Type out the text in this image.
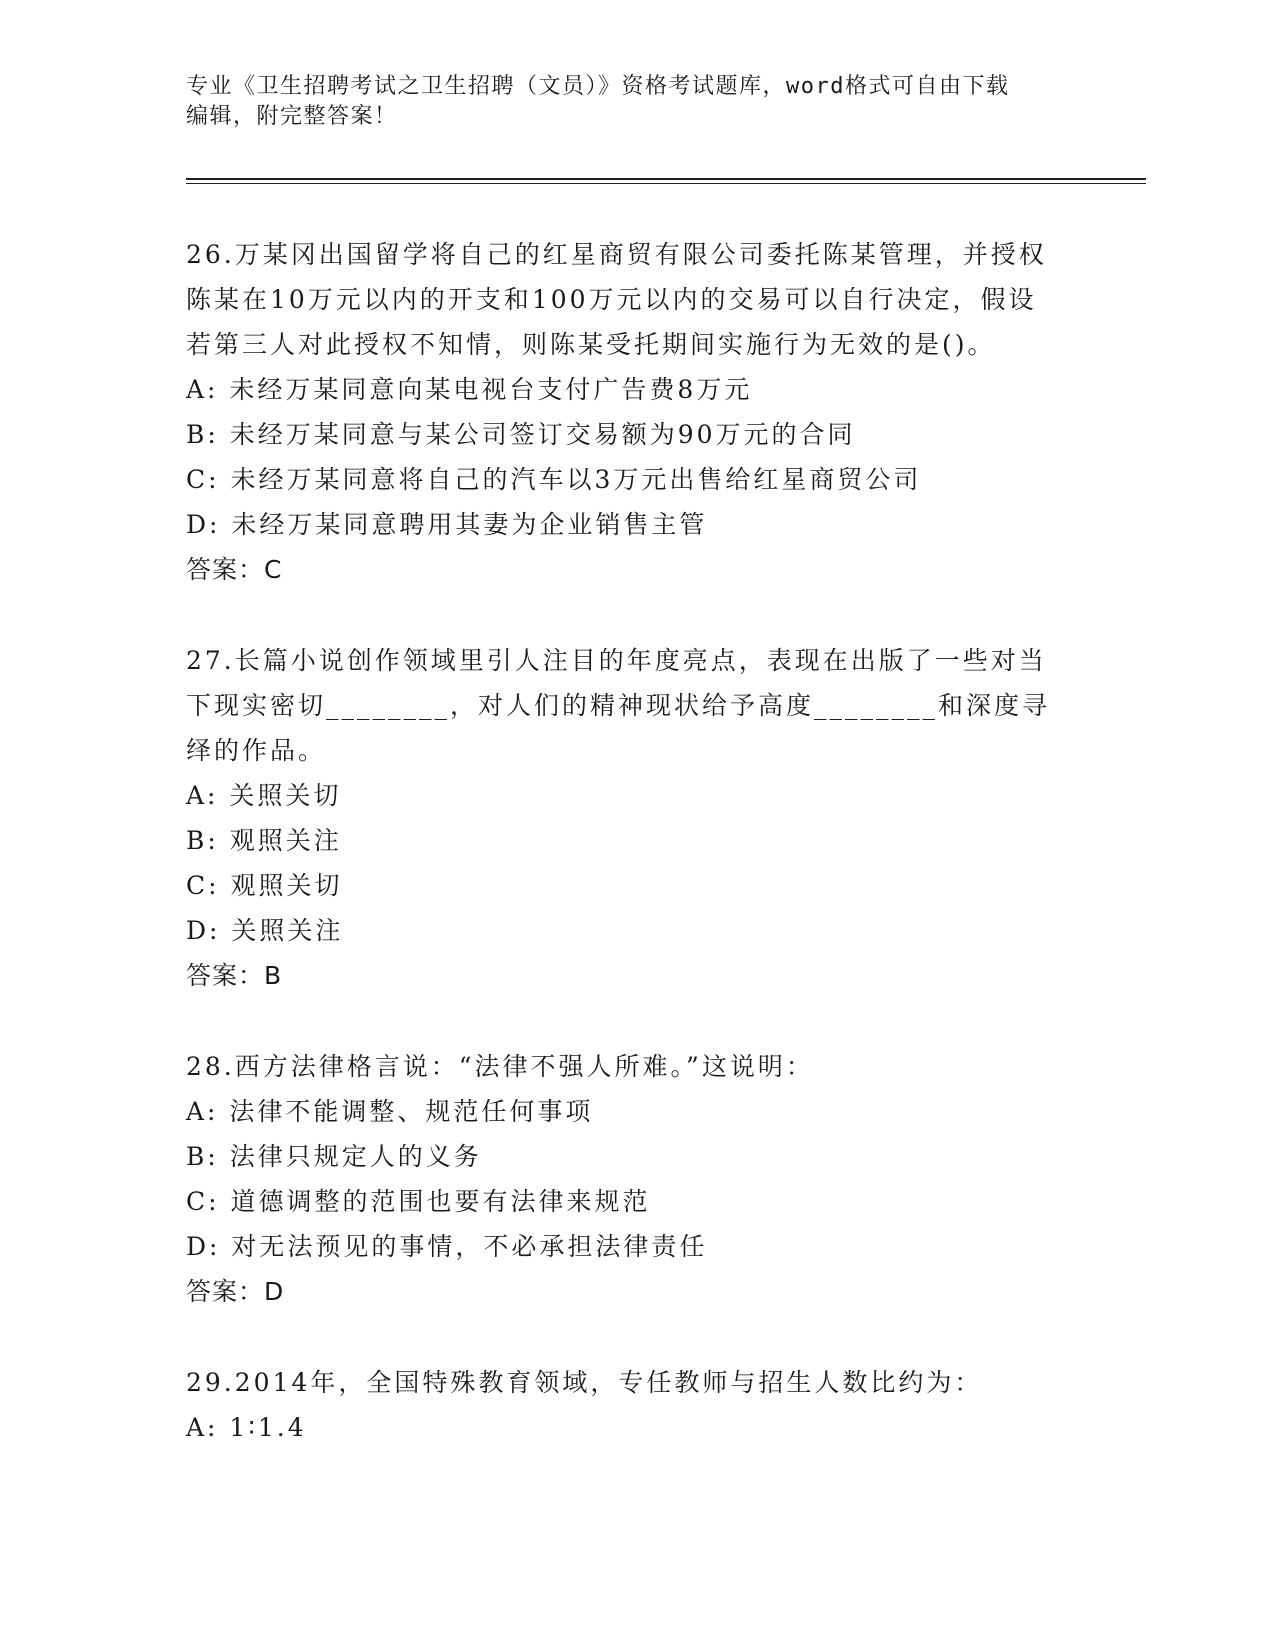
专业《卫生招聘考试之卫生招聘（文员）》资格考试题库，word格式可自由下载
编辑，附完整答案！
26.万某冈出国留学将自己的红星商贸有限公司委托陈某管理，并授权
陈某在10万元以内的开支和100万元以内的交易可以自行决定，假设
若第三人对此授权不知情，则陈某受托期间实施行为无效的是()。
A: 未经万某同意向某电视台支付广告费8万元
B: 未经万某同意与某公司签订交易额为90万元的合同
C: 未经万某同意将自己的汽车以3万元出售给红星商贸公司
D: 未经万某同意聘用其妻为企业销售主管
答案：C
27.长篇小说创作领域里引人注目的年度亮点，表现在出版了一些对当
下现实密切________，对人们的精神现状给予高度________和深度寻
绎的作品。
A: 关照关切
B: 观照关注
C: 观照关切
D: 关照关注
答案：B
28.西方法律格言说：“法律不强人所难。”这说明：
A: 法律不能调整、规范任何事项
B: 法律只规定人的义务
C: 道德调整的范围也要有法律来规范
D: 对无法预见的事情，不必承担法律责任
答案：D
29.2014年，全国特殊教育领域，专任教师与招生人数比约为：
A: 1∶1.4
